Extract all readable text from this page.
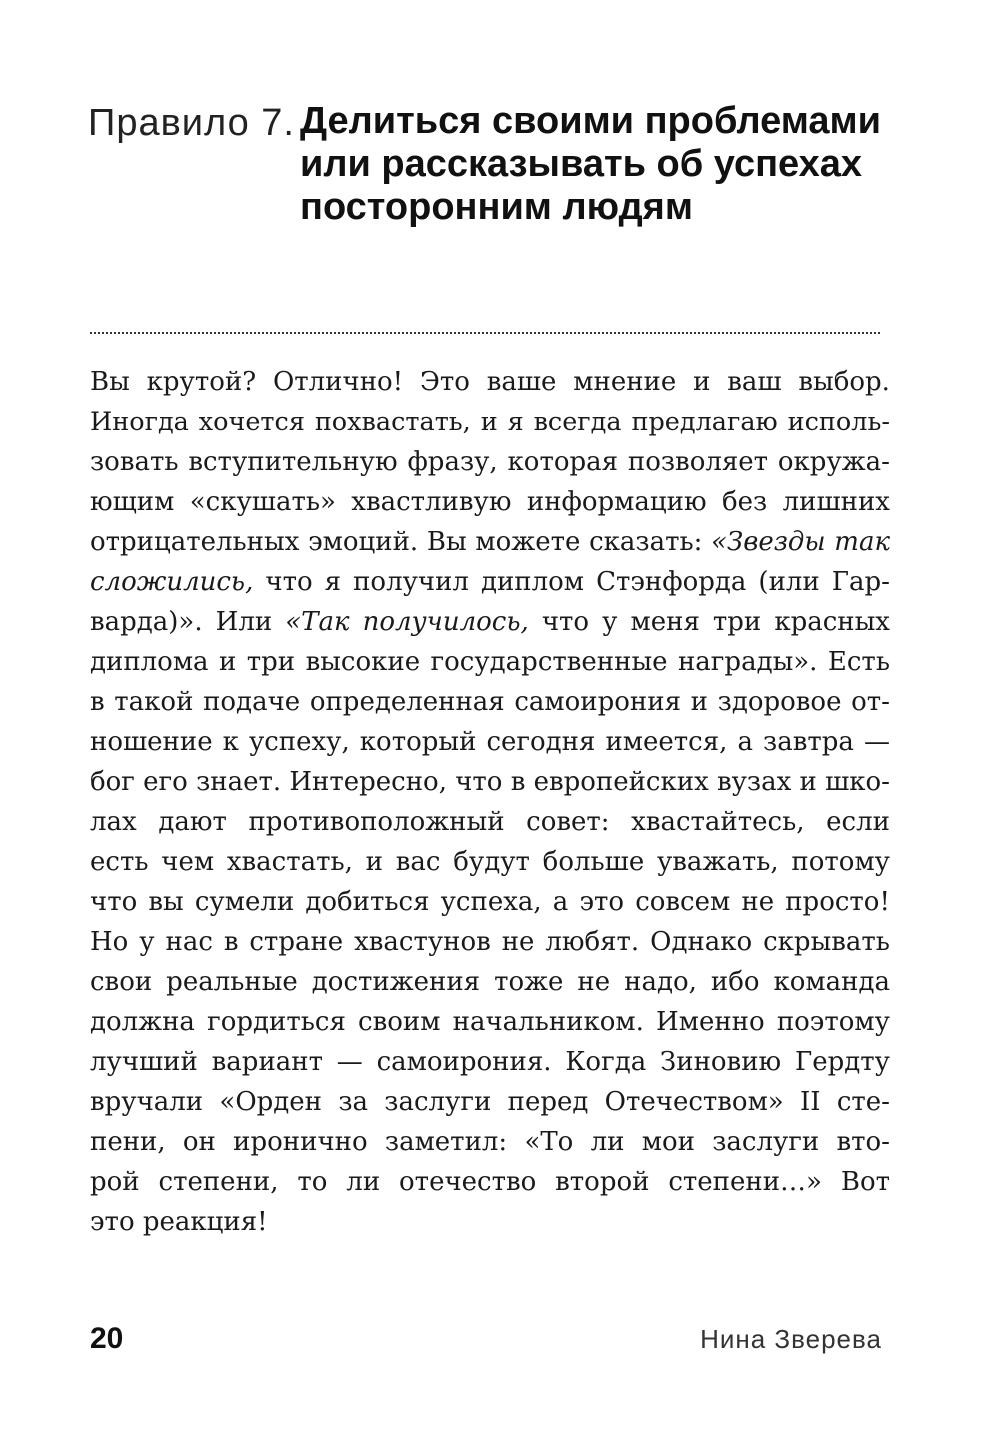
Правило 7. Делиться своими проблемами
или рассказывать об успехах
посторонним людям
Вы крутой? Отлично! Это ваше мнение и ваш выбор.
Иногда хочется похвастать, и я всегда предлагаю исполь-
зовать вступительную фразу, которая позволяет окружа-
ющим «скушать» хвастливую информацию без лишних
отрицательных эмоций. Вы можете сказать: «Звезды так
сложились, что я получил диплом Стэнфорда (или Гар-
варда)». Или «Так получилось, что у меня три красных
диплома и три высокие государственные награды». Есть
в такой подаче определенная самоирония и здоровое от-
ношение к успеху, который сегодня имеется, а завтра —
бог его знает. Интересно, что в европейских вузах и шко-
лах дают противоположный совет: хвастайтесь, если
есть чем хвастать, и вас будут больше уважать, потому
что вы сумели добиться успеха, а это совсем не просто!
Но у нас в стране хвастунов не любят. Однако скрывать
свои реальные достижения тоже не надо, ибо команда
должна гордиться своим начальником. Именно поэтому
лучший вариант — самоирония. Когда Зиновию Гердту
вручали «Орден за заслуги перед Отечеством» II сте-
пени, он иронично заметил: «То ли мои заслуги вто-
рой степени, то ли отечество второй степени…» Вот
это реакция!
20	Нина Зверева
